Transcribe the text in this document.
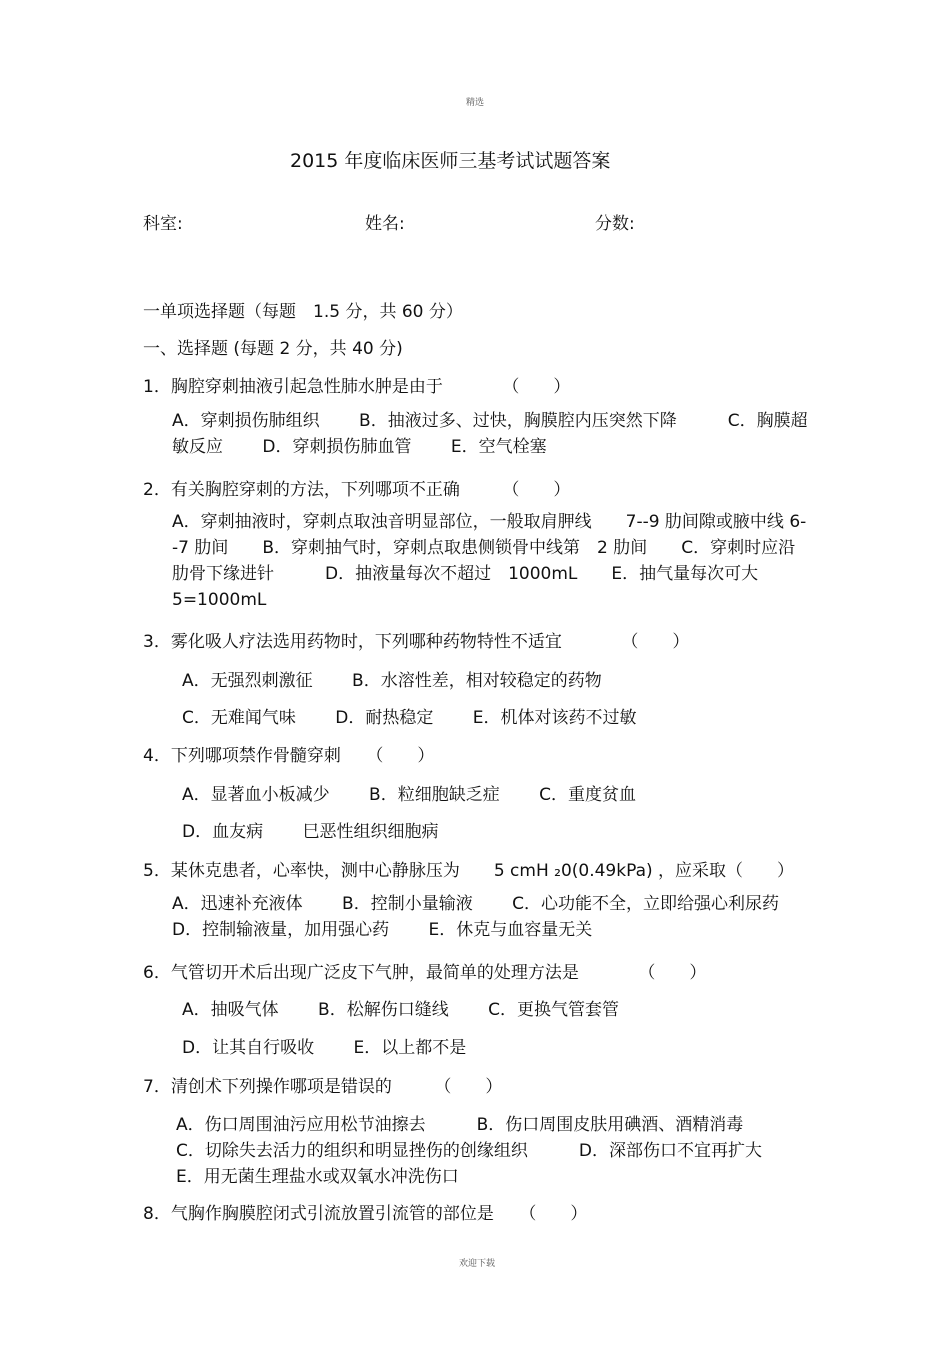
精选
2015 年度临床医师三基考试试题答案
科室:	姓名:	分数:
一单项选择题（每题　1.5 分，共 60 分）
一、选择题 (每题 2 分，共 40 分)
1．胸腔穿刺抽液引起急性肺水肿是由于　　　　（　　）
A．穿刺损伤肺组织　　 B．抽液过多、过快，胸膜腔内压突然下降　　　C．胸膜超敏反应　　 D．穿刺损伤肺血管　　 E．空气栓塞
2．有关胸腔穿刺的方法，下列哪项不正确　　　（　　）
A．穿刺抽液时，穿刺点取浊音明显部位，一般取肩胛线　　7--9 肋间隙或腋中线 6--7 肋间　　B．穿刺抽气时，穿刺点取患侧锁骨中线第　2 肋间　　C．穿刺时应沿肋骨下缘进针　　　D．抽液量每次不超过　1000mL　　E．抽气量每次可大 5=1000mL
3．雾化吸人疗法选用药物时，下列哪种药物特性不适宜　　　　（　　）
A．无强烈刺激征　　 B．水溶性差，相对较稳定的药物
C．无难闻气味　　 D．耐热稳定　　 E．机体对该药不过敏
4．下列哪项禁作骨髓穿刺　　（　　）
A．显著血小板减少　　 B．粒细胞缺乏症　　 C．重度贫血
D．血友病　　 巳恶性组织细胞病
5．某休克患者，心率快，测中心静脉压为　　5 cmH ₂0(0.49kPa) ，应采取（　　）
A．迅速补充液体　　 B．控制小量输液　　 C．心功能不全，立即给强心利尿药　　 D．控制输液量，加用强心药　　 E．休克与血容量无关
6．气管切开术后出现广泛皮下气肿，最简单的处理方法是　　　　（　　）
A．抽吸气体　　 B．松解伤口缝线　　 C．更换气管套管
D．让其自行吸收　　 E．以上都不是
7．清创术下列操作哪项是错误的　　　（　　）
A．伤口周围油污应用松节油擦去　　　B．伤口周围皮肤用碘酒、酒精消毒
C．切除失去活力的组织和明显挫伤的创缘组织　　　D．深部伤口不宜再扩大
E．用无菌生理盐水或双氧水冲洗伤口
8．气胸作胸膜腔闭式引流放置引流管的部位是　　（　　）
欢迎下载
